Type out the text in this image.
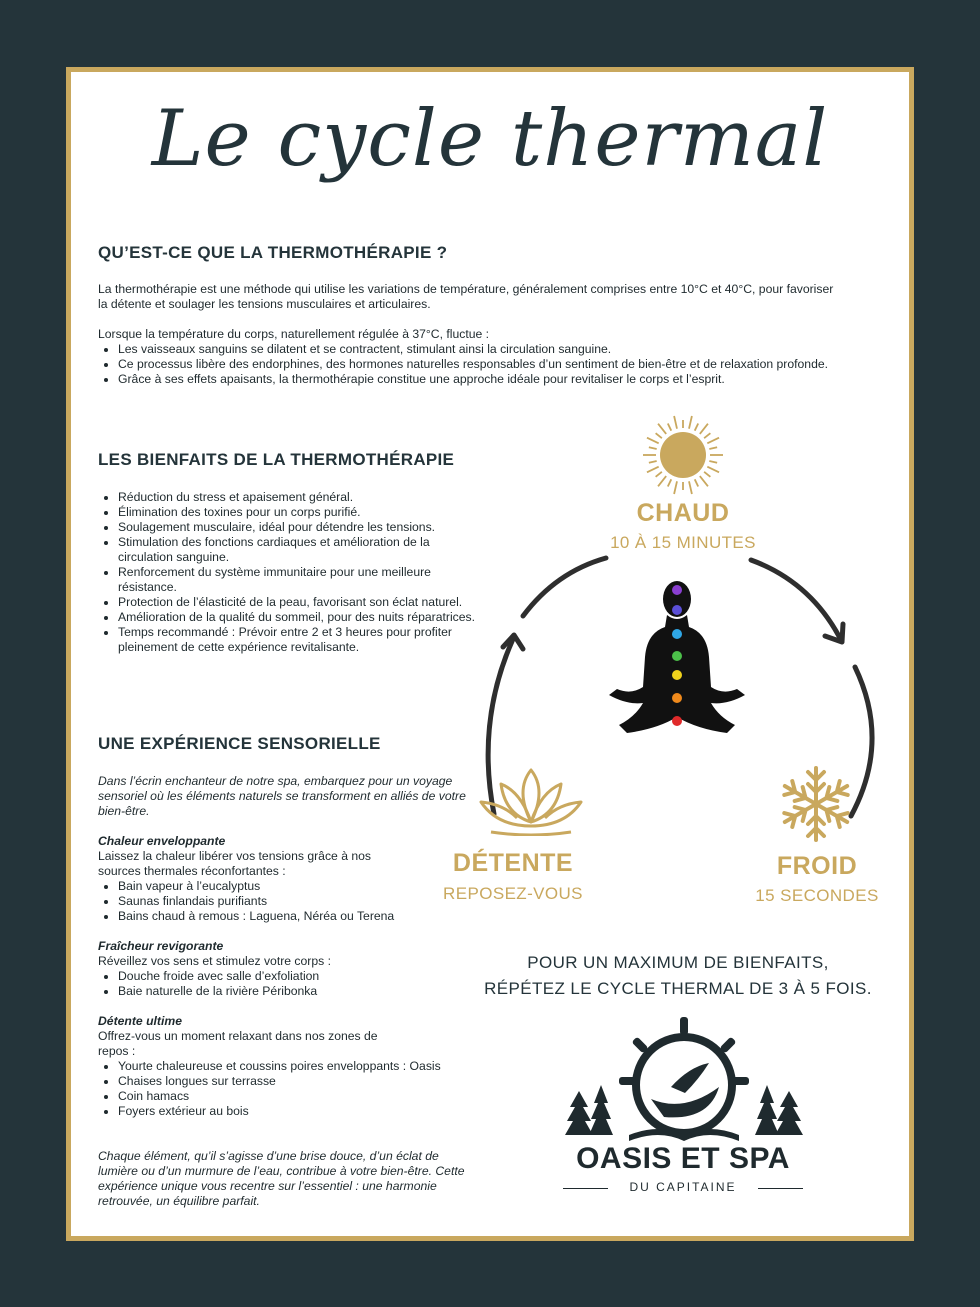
Le cycle thermal
QU’EST-CE QUE LA THERMOTHÉRAPIE ?

La thermothérapie est une méthode qui utilise les variations de température, généralement comprises entre 10°C et 40°C, pour favoriser la détente et soulager les tensions musculaires et articulaires.

Lorsque la température du corps, naturellement régulée à 37°C, fluctue :

• Les vaisseaux sanguins se dilatent et se contractent, stimulant ainsi la circulation sanguine.
• Ce processus libère des endorphines, des hormones naturelles responsables d’un sentiment de bien-être et de relaxation profonde.
• Grâce à ses effets apaisants, la thermothérapie constitue une approche idéale pour revitaliser le corps et l’esprit.
LES BIENFAITS DE LA THERMOTHÉRAPIE
• Réduction du stress et apaisement général.
• Élimination des toxines pour un corps purifié.
• Soulagement musculaire, idéal pour détendre les tensions.
• Stimulation des fonctions cardiaques et amélioration de la circulation sanguine.
• Renforcement du système immunitaire pour une meilleure résistance.
• Protection de l’élasticité de la peau, favorisant son éclat naturel.
• Amélioration de la qualité du sommeil, pour des nuits réparatrices.
• Temps recommandé : Prévoir entre 2 et 3 heures pour profiter pleinement de cette expérience revitalisante.
UNE EXPÉRIENCE SENSORIELLE

Dans l’écrin enchanteur de notre spa, embarquez pour un voyage sensoriel où les éléments naturels se transforment en alliés de votre bien-être.

Chaleur enveloppante

Laissez la chaleur libérer vos tensions grâce à nos sources thermales réconfortantes :

• Bain vapeur à l’eucalyptus
• Saunas finlandais purifiants
• Bains chaud à remous : Laguena, Néréa ou Terena

Fraîcheur revigorante

Réveillez vos sens et stimulez votre corps :

• Douche froide avec salle d’exfoliation
• Baie naturelle de la rivière Péribonka

Détente ultime

Offrez-vous un moment relaxant dans nos zones de repos :

• Yourte chaleureuse et coussins poires enveloppants : Oasis
• Chaises longues sur terrasse
• Coin hamacs
• Foyers extérieur au bois

Chaque élément, qu’il s’agisse d’une brise douce, d’un éclat de lumière ou d’un murmure de l’eau, contribue à votre bien-être. Cette expérience unique vous recentre sur l’essentiel : une harmonie retrouvée, un équilibre parfait.

CHAUD
10 À 15 MINUTES
DÉTENTE
REPOSEZ-VOUS
FROID
15 SECONDES
POUR UN MAXIMUM DE BIENFAITS,
RÉPÉTEZ LE CYCLE THERMAL DE 3 À 5 FOIS.
OASIS ET SPA
DU CAPITAINE
